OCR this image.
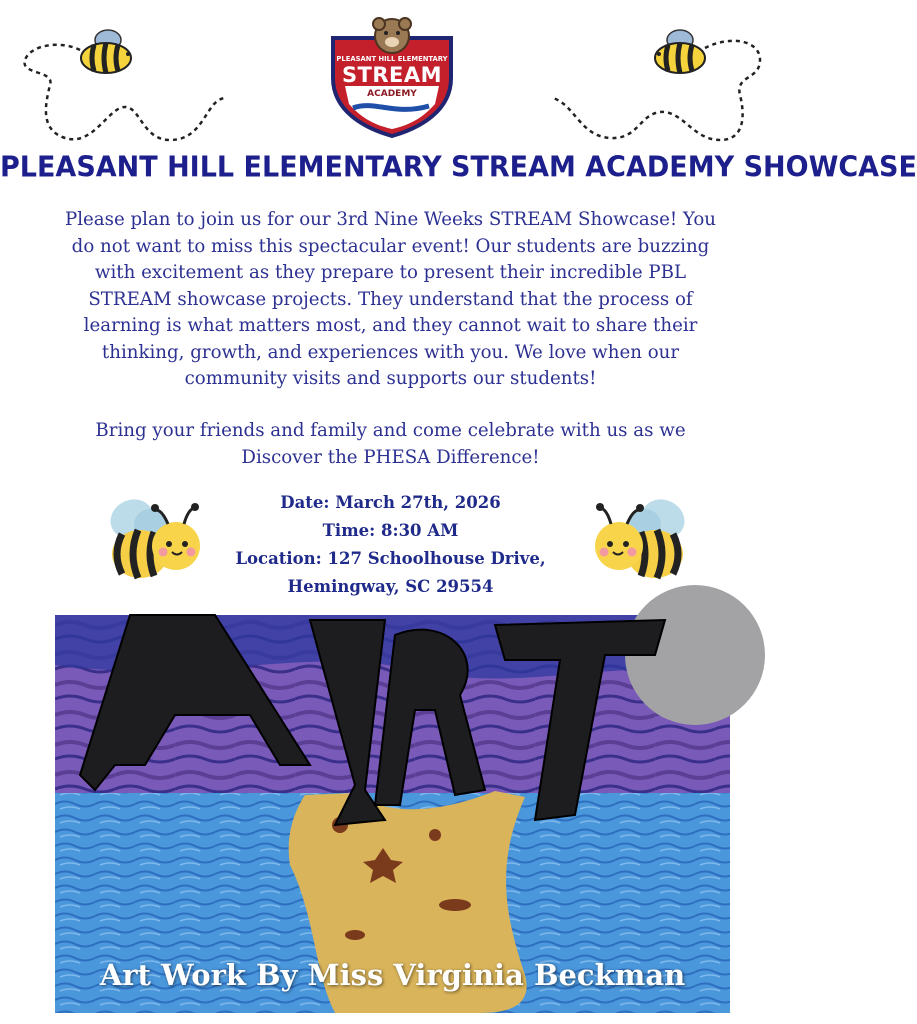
PLEASANT HILL ELEMENTARY
STREAM
ACADEMY
PLEASANT HILL ELEMENTARY STREAM ACADEMY SHOWCASE
Please plan to join us for our 3rd Nine Weeks STREAM Showcase! You do not want to miss this spectacular event! Our students are buzzing with excitement as they prepare to present their incredible PBL STREAM showcase projects. They understand that the process of learning is what matters most, and they cannot wait to share their thinking, growth, and experiences with you. We love when our community visits and supports our students!
Bring your friends and family and come celebrate with us as we Discover the PHESA Difference!
Date: March 27th, 2026
Time: 8:30 AM
Location: 127 Schoolhouse Drive,
Hemingway, SC 29554
Art Work By Miss Virginia Beckman
